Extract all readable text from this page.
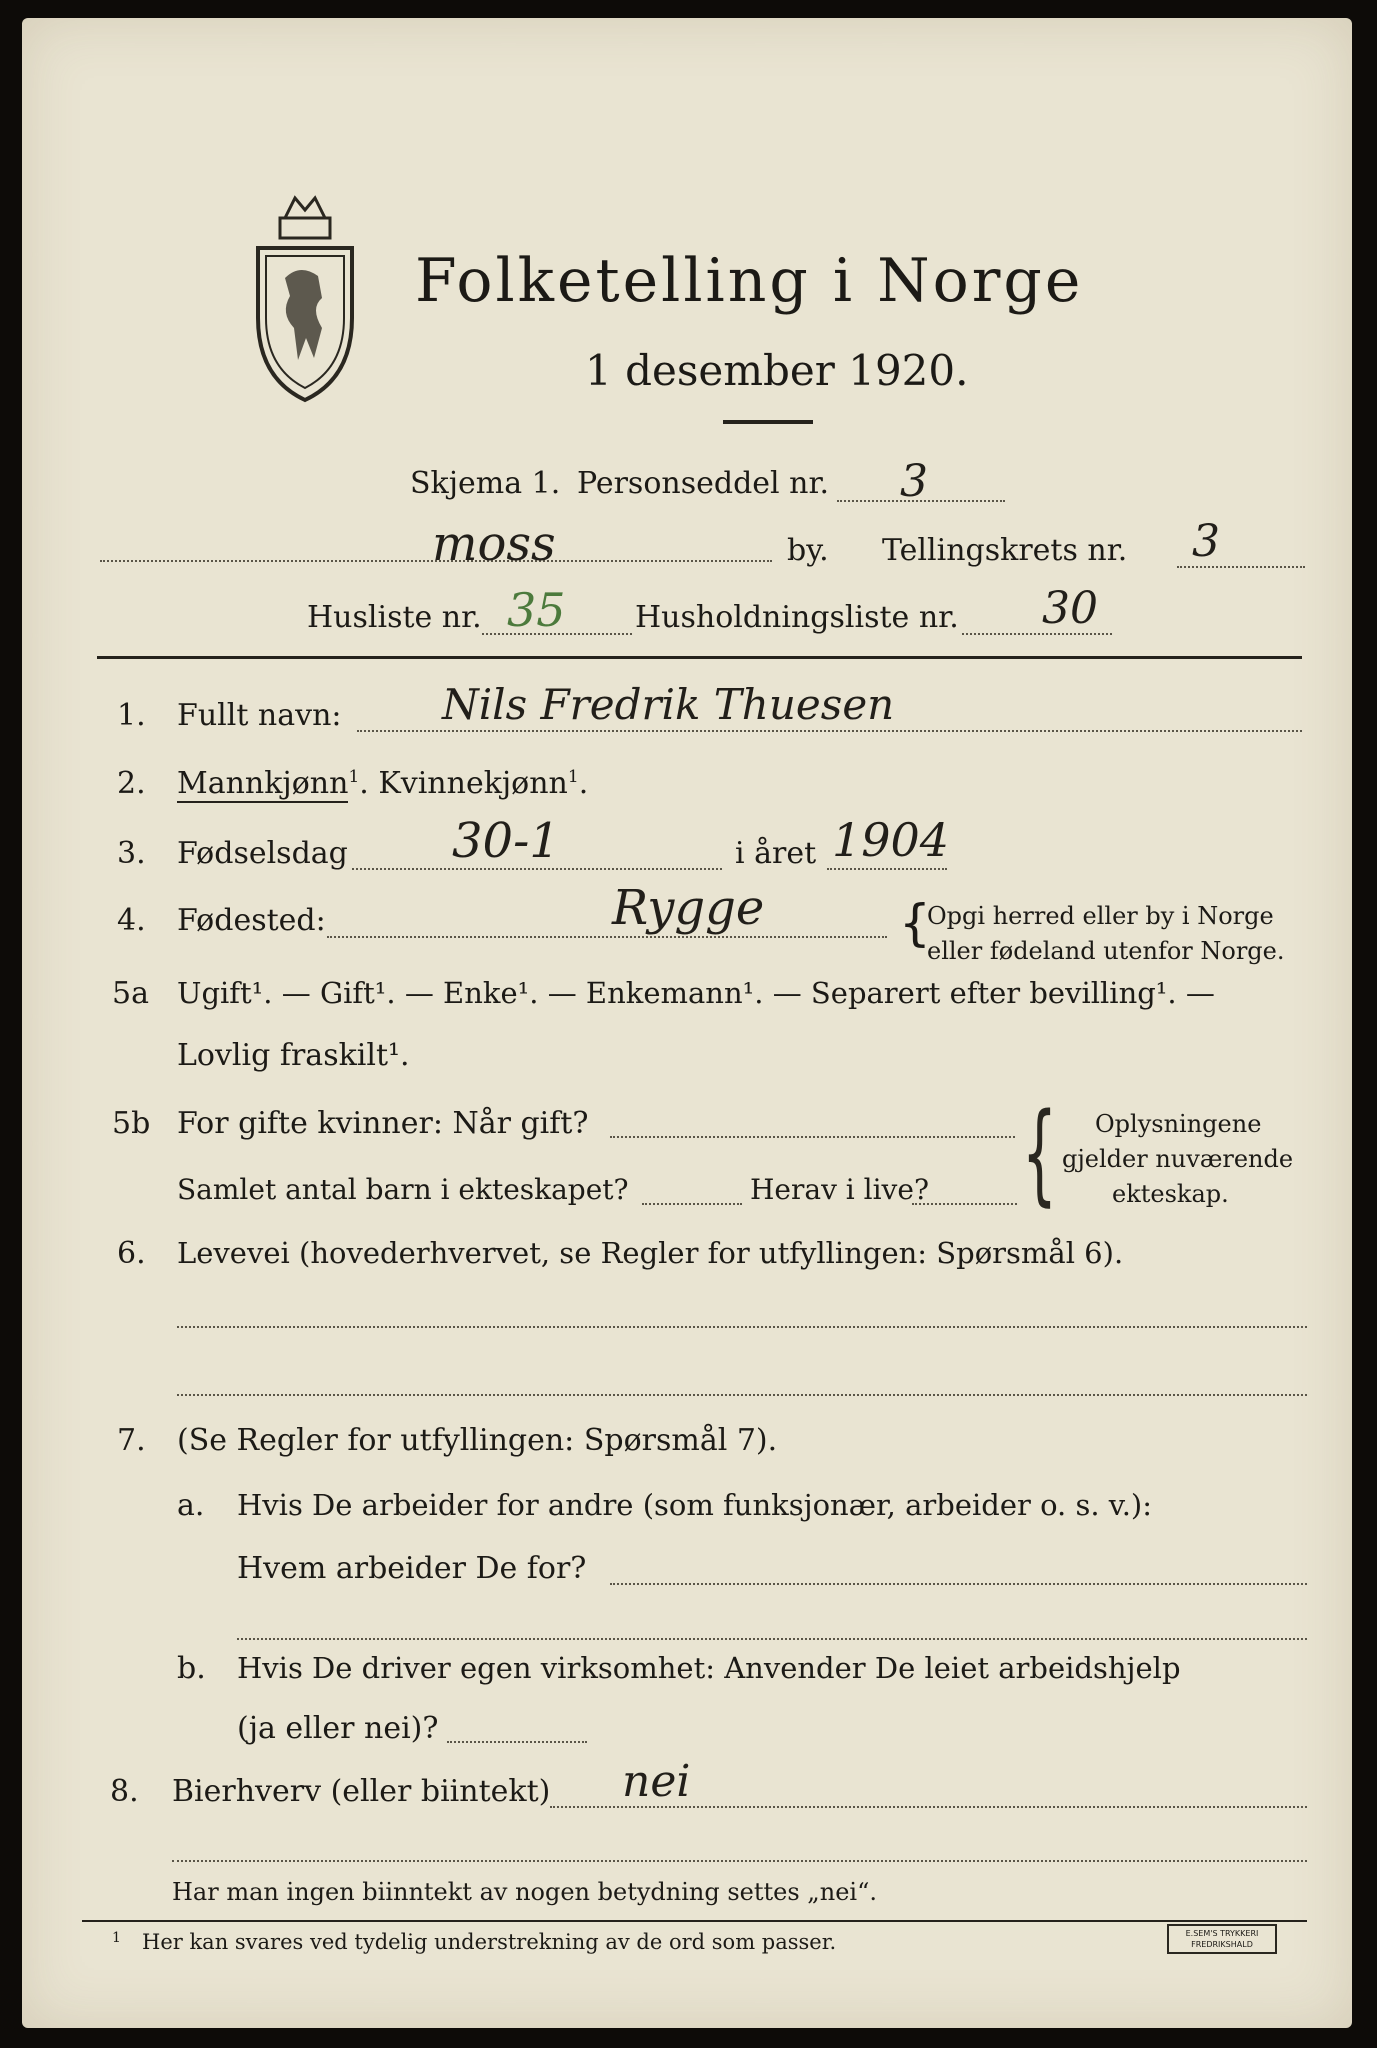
Folketelling i Norge
1 desember 1920.
Skjema 1. Personseddel nr. 3
moss	by. Tellingskrets nr. 3
Husliste nr. 35 Husholdningsliste nr. 30
1. Fullt navn: Nils Fredrik Thuesen
2. Mannkjønn$^1$. Kvinnekjønn$^1$.
3. Fødselsdag 30-1	i året 1904
4. Fødested:	Rygge	{
Opgi herred eller by i Norge
eller fødeland utenfor Norge.
5a Ugift¹. — Gift¹. — Enke¹. — Enkemann¹. — Separert efter bevilling¹. —
Lovlig fraskilt¹.
5b For gifte kvinner: Når gift?
Samlet antal barn i ekteskapet?	Herav i live? { Oplysningene
gjelder nuværende
ekteskap.
6. Levevei (hovederhvervet, se Regler for utfyllingen: Spørsmål 6).
7. (Se Regler for utfyllingen: Spørsmål 7).
a. Hvis De arbeider for andre (som funksjonær, arbeider o. s. v.):
Hvem arbeider De for?
b. Hvis De driver egen virksomhet: Anvender De leiet arbeidshjelp
(ja eller nei)?
8. Bierhverv (eller biintekt) nei
Har man ingen biinntekt av nogen betydning settes „nei“.
1 Her kan svares ved tydelig understrekning av de ord som passer.	E.SEM'S TRYKKERI
FREDRIKSHALD
